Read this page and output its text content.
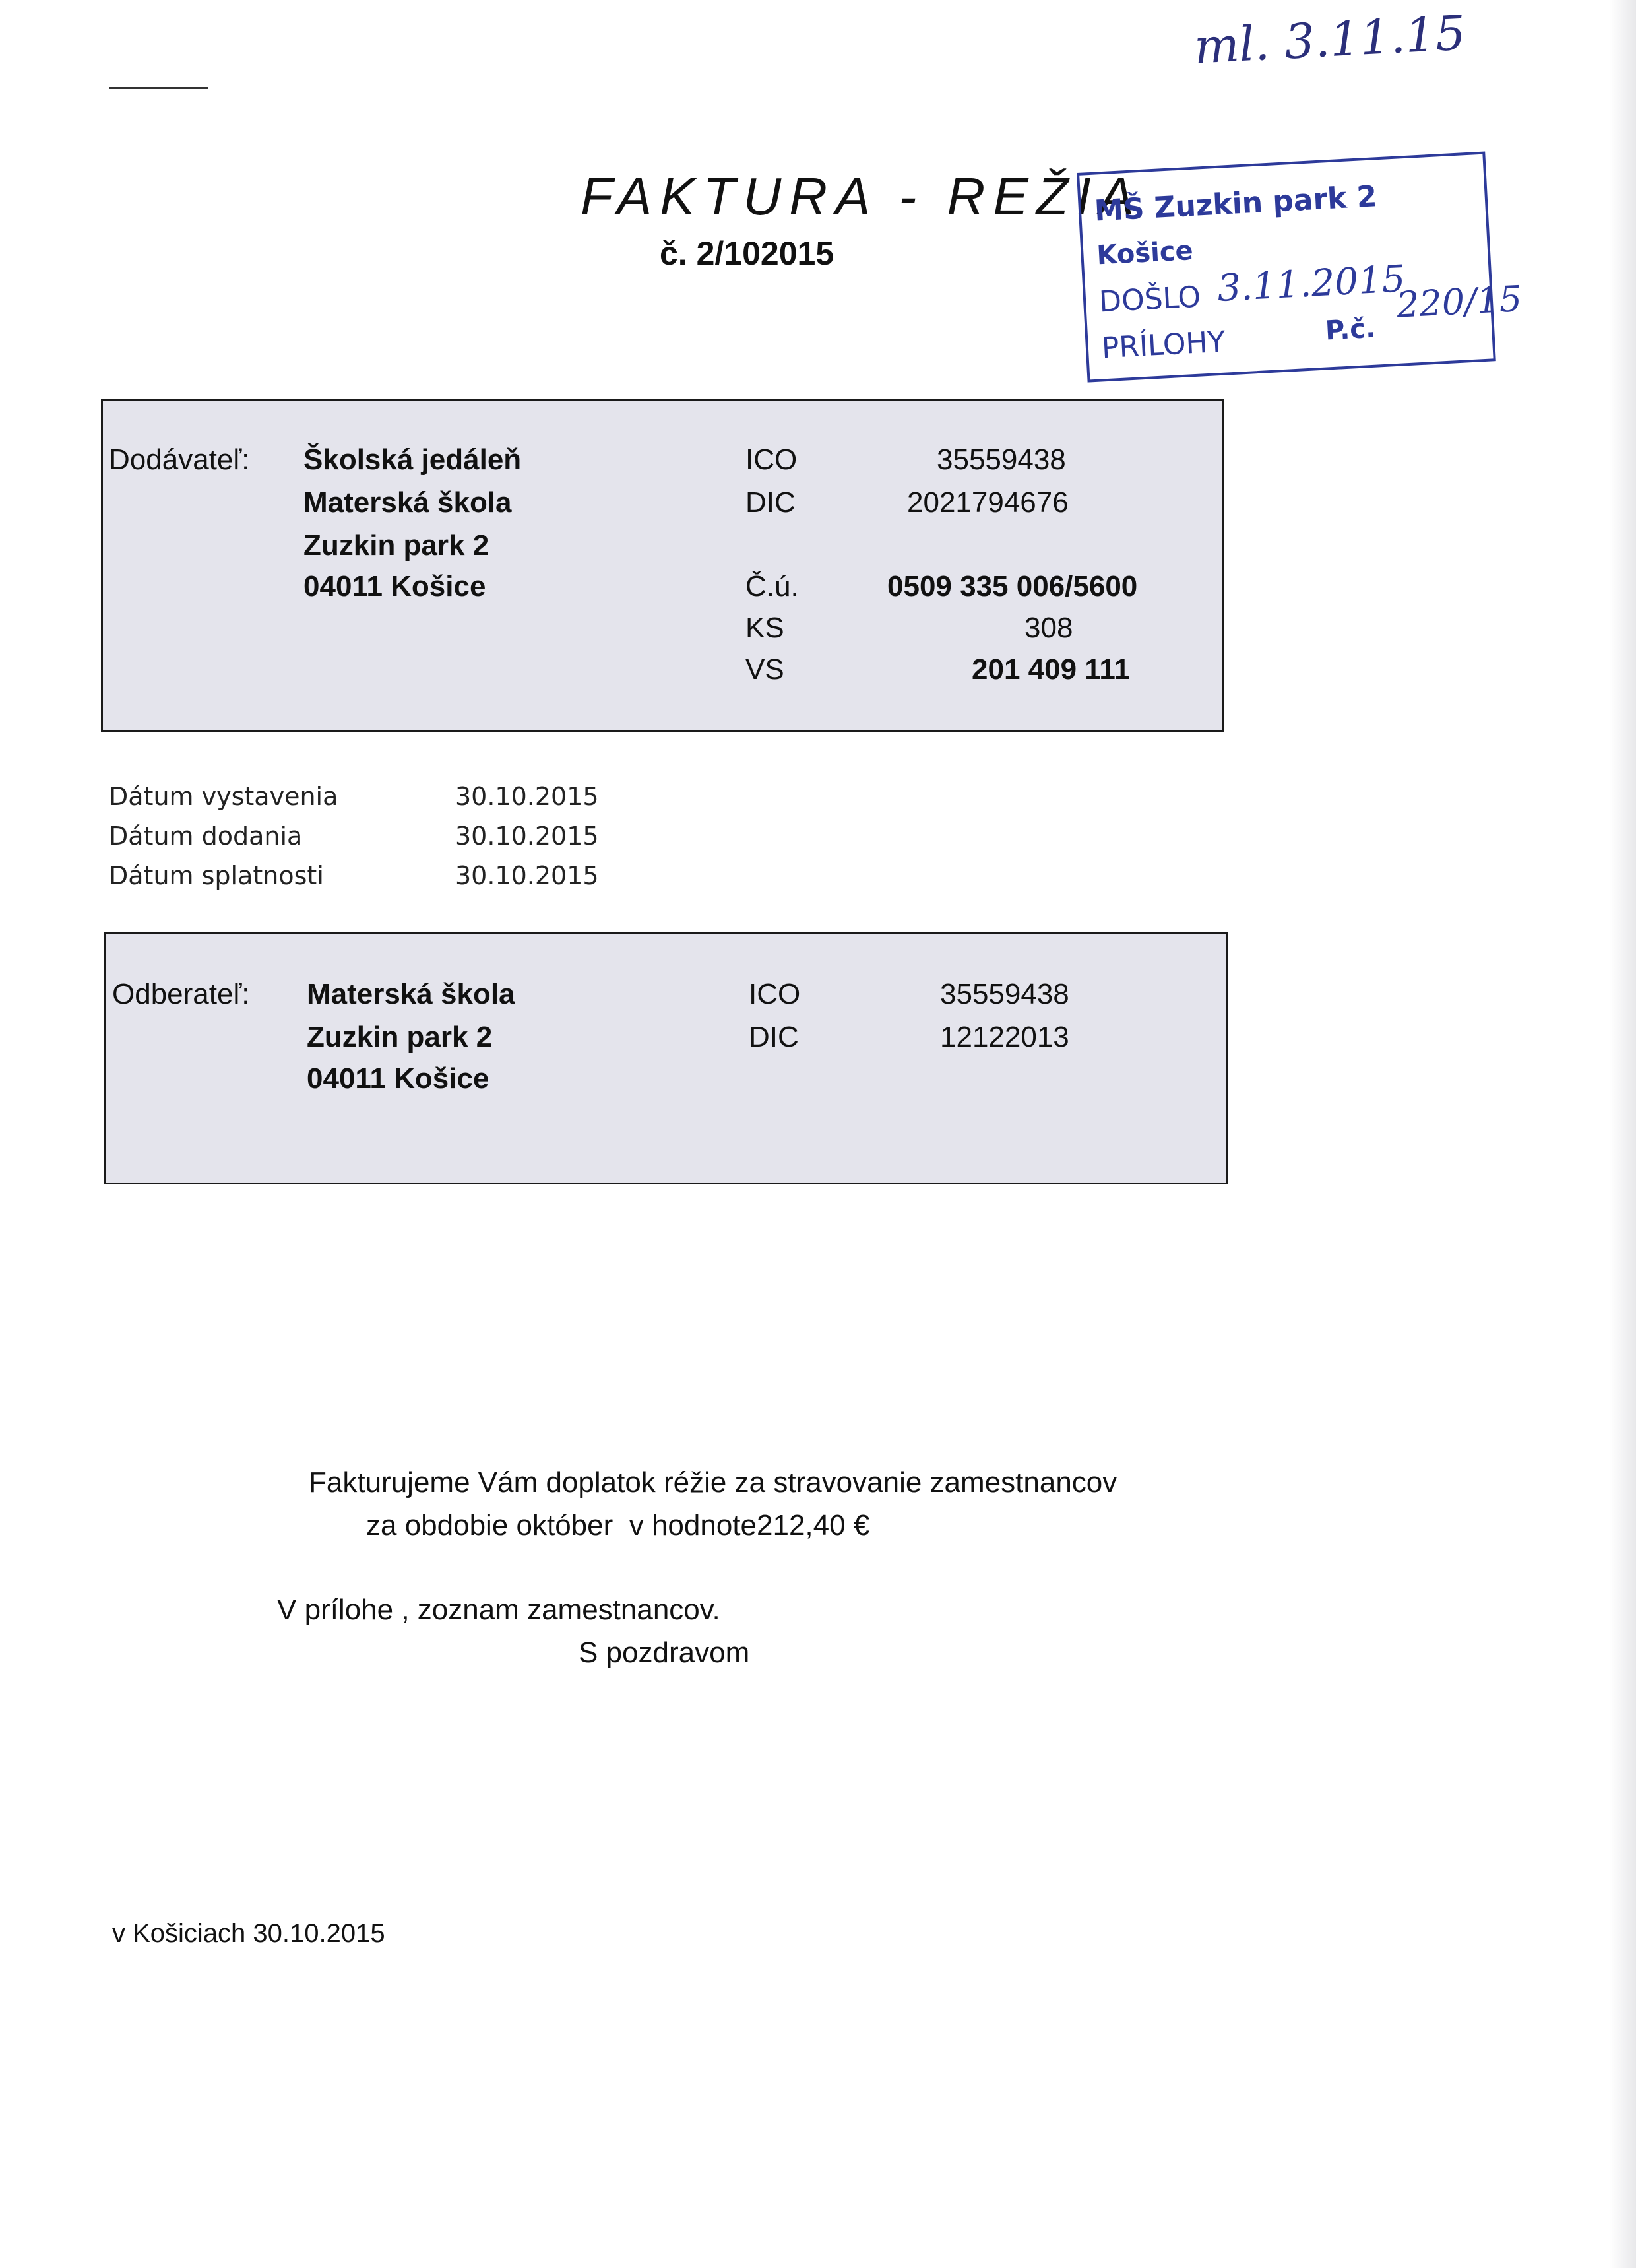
ml. 3.11.15
FAKTURA - REŽIA
č. 2/102015
MŠ Zuzkin park 2
Košice
DOŠLO 3.11.2015
PRÍLOHY	P.č.
220/15
Dodávateľ: Školská jedáleň
Materská škola
Zuzkin park 2
04011 Košice
ICO	35559438
DIC	2021794676
Č.ú.	0509 335 006/5600
KS	308
VS	201 409 111
Dátum vystavenia	30.10.2015
Dátum dodania	30.10.2015
Dátum splatnosti	30.10.2015
Odberateľ: Materská škola
Zuzkin park 2
04011 Košice
ICO	35559438
DIC	12122013
Fakturujeme Vám doplatok réžie za stravovanie zamestnancov
za obdobie október  v hodnote212,40 €
V prílohe , zoznam zamestnancov.
S pozdravom
v Košiciach 30.10.2015
